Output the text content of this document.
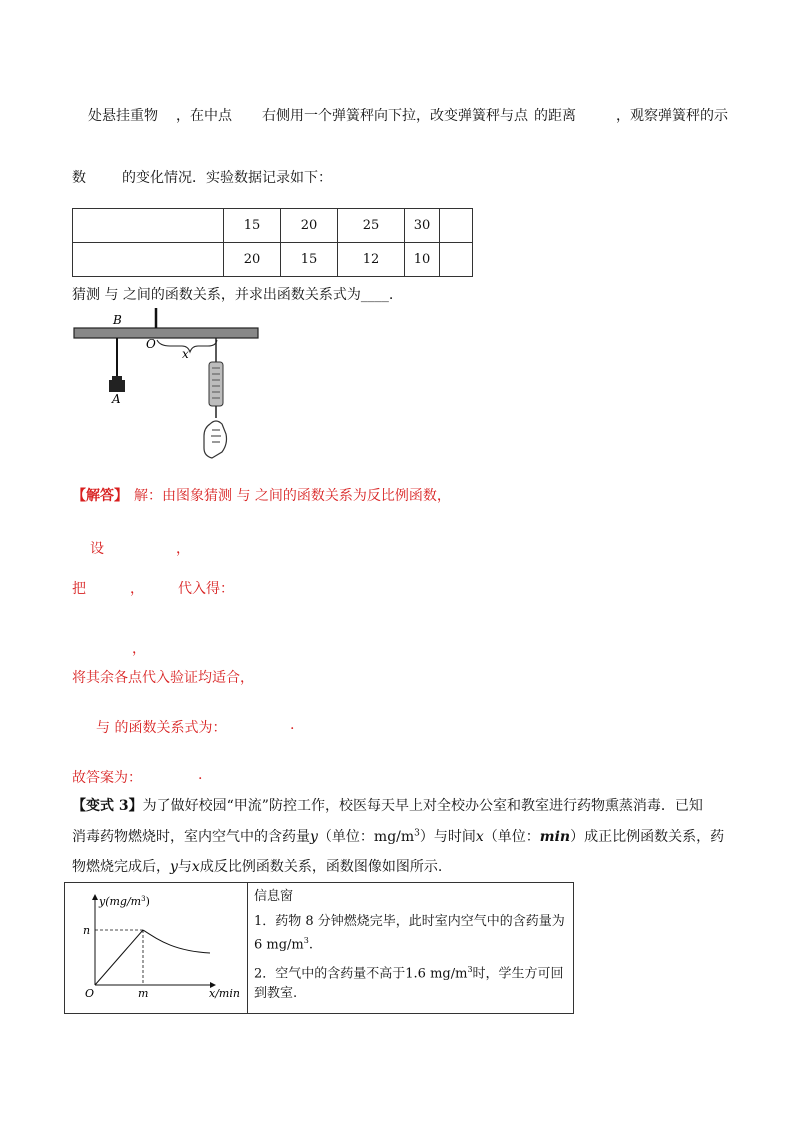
处悬挂重物 ，在中点 右侧用一个弹簧秤向下拉，改变弹簧秤与点 的距离	，观察弹簧秤的示
数	的变化情况．实验数据记录如下：
	15	20	25	30	
	20	15	12	10	
猜测 与 之间的函数关系，并求出函数关系式为____.
B
O
x
A
【解答】 解：由图象猜测 与 之间的函数关系为反比例函数，
设	，
把	， 代入得：
，
将其余各点代入验证均适合，
与 的函数关系式为：	.
故答案为：	.
【变式 3】为了做好校园“甲流”防控工作，校医每天早上对全校办公室和教室进行药物熏蒸消毒．已知
消毒药物燃烧时，室内空气中的含药量y（单位：$mg/m^3$）与时间x（单位：min）成正比例函数关系，药
物燃烧完成后，y与x成反比例函数关系，函数图像如图所示.
$y(mg/m^3)$
n
O	m	x/min

信息窗

1．药物 8 分钟燃烧完毕，此时室内空气中的含药量为6 $mg/m^3$.

2．空气中的含药量不高于1.6 $mg/m^3$时，学生方可回到教室.
